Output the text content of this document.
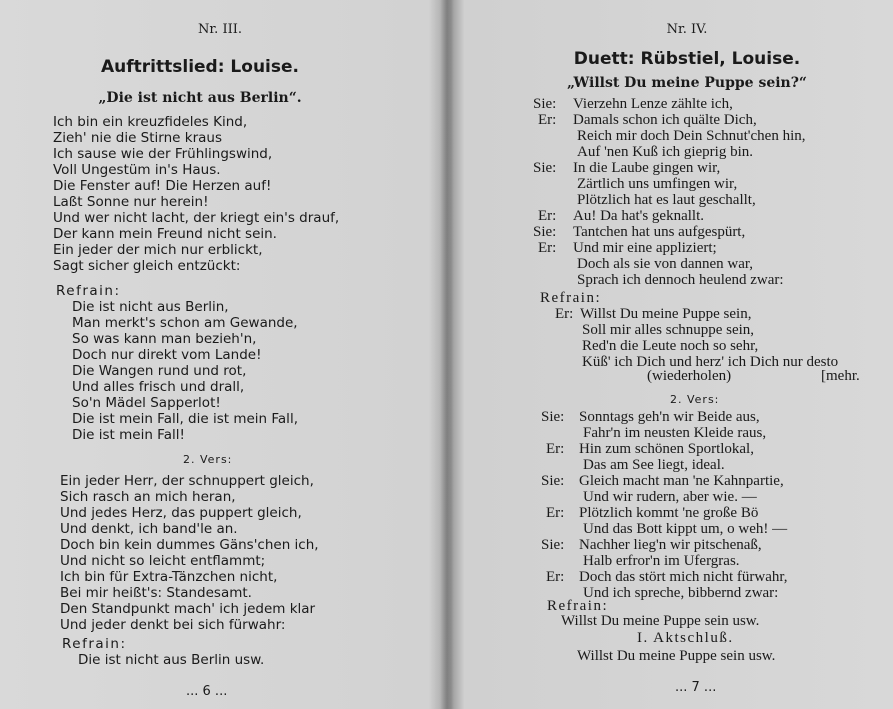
Nr. III.
Auftrittslied: Louise.
„Die ist nicht aus Berlin“.
Ich bin ein kreuzfideles Kind,
Zieh' nie die Stirne kraus
Ich sause wie der Frühlingswind,
Voll Ungestüm in's Haus.
Die Fenster auf! Die Herzen auf!
Laßt Sonne nur herein!
Und wer nicht lacht, der kriegt ein's drauf,
Der kann mein Freund nicht sein.
Ein jeder der mich nur erblickt,
Sagt sicher gleich entzückt:
Refrain:
Die ist nicht aus Berlin,
Man merkt's schon am Gewande,
So was kann man bezieh'n,
Doch nur direkt vom Lande!
Die Wangen rund und rot,
Und alles frisch und drall,
So'n Mädel Sapperlot!
Die ist mein Fall, die ist mein Fall,
Die ist mein Fall!
2. Vers:
Ein jeder Herr, der schnuppert gleich,
Sich rasch an mich heran,
Und jedes Herz, das puppert gleich,
Und denkt, ich band'le an.
Doch bin kein dummes Gäns'chen ich,
Und nicht so leicht entflammt;
Ich bin für Extra-Tänzchen nicht,
Bei mir heißt's: Standesamt.
Den Standpunkt mach' ich jedem klar
Und jeder denkt bei sich fürwahr:
Refrain:
Die ist nicht aus Berlin usw.
... 6 ...
Nr. IV.
Duett: Rübstiel, Louise.
„Willst Du meine Puppe sein?“
Sie: Vierzehn Lenze zählte ich,
Er: Damals schon ich quälte Dich,
Reich mir doch Dein Schnut'chen hin,
Auf 'nen Kuß ich gieprig bin.
Sie: In die Laube gingen wir,
Zärtlich uns umfingen wir,
Plötzlich hat es laut geschallt,
Er: Au! Da hat's geknallt.
Sie: Tantchen hat uns aufgespürt,
Er: Und mir eine appliziert;
Doch als sie von dannen war,
Sprach ich dennoch heulend zwar:
Refrain:
Er: Willst Du meine Puppe sein,
Soll mir alles schnuppe sein,
Red'n die Leute noch so sehr,
Küß' ich Dich und herz' ich Dich nur desto
(wiederholen)	[mehr.
2. Vers:
Sie: Sonntags geh'n wir Beide aus,
Fahr'n im neusten Kleide raus,
Er: Hin zum schönen Sportlokal,
Das am See liegt, ideal.
Sie: Gleich macht man 'ne Kahnpartie,
Und wir rudern, aber wie. —
Er: Plötzlich kommt 'ne große Bö
Und das Bott kippt um, o weh! —
Sie: Nachher lieg'n wir pitschenaß,
Halb erfror'n im Ufergras.
Er: Doch das stört mich nicht fürwahr,
Und ich spreche, bibbernd zwar:
Refrain:
Willst Du meine Puppe sein usw.
I. Aktschluß.
Willst Du meine Puppe sein usw.
... 7 ...
